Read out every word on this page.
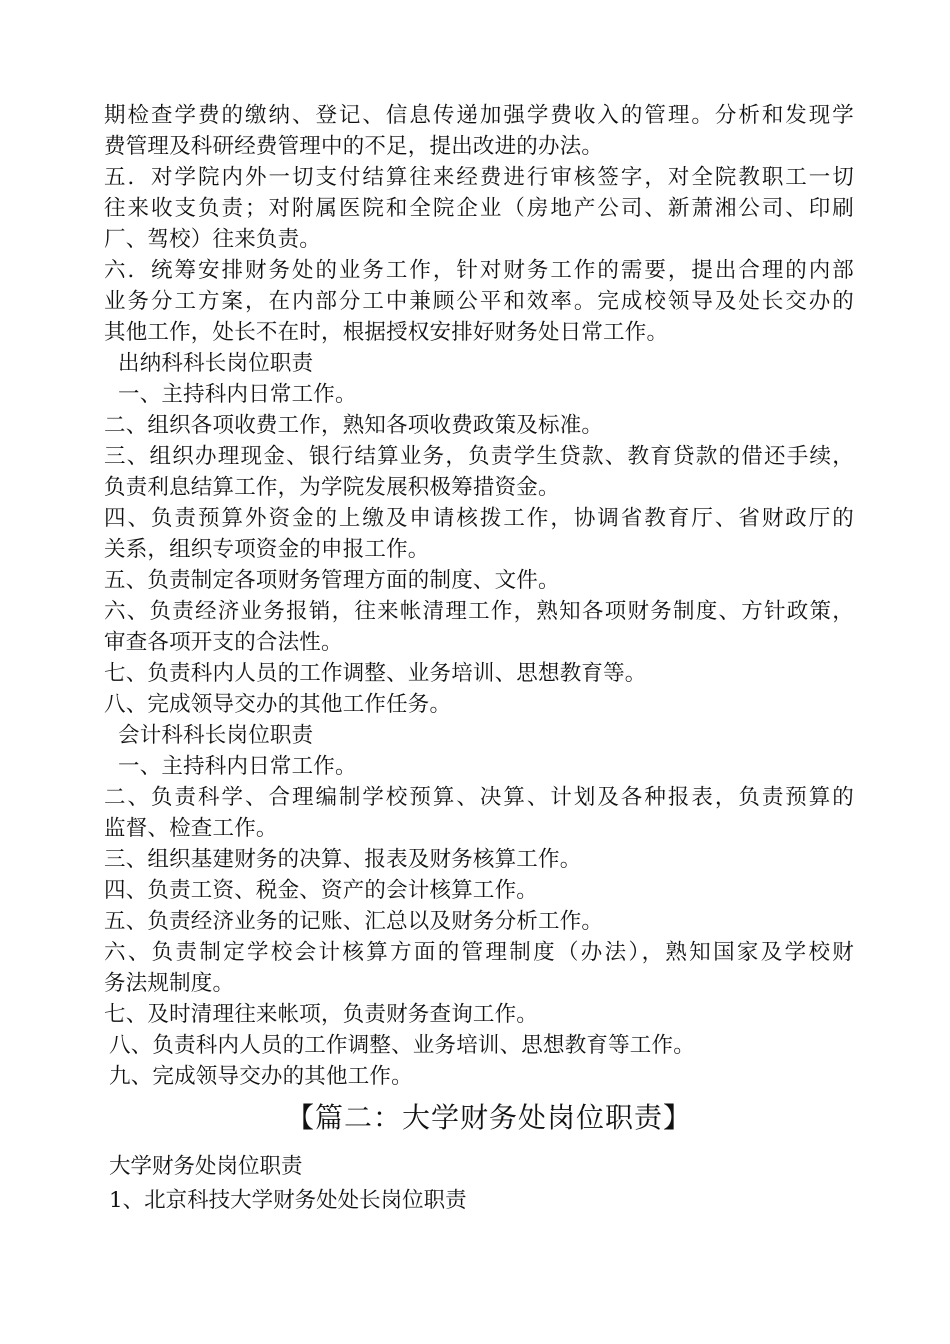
期检查学费的缴纳、登记、信息传递加强学费收入的管理。分析和发现学
费管理及科研经费管理中的不足，提出改进的办法。
五．对学院内外一切支付结算往来经费进行审核签字，对全院教职工一切
往来收支负责；对附属医院和全院企业（房地产公司、新萧湘公司、印刷
厂、驾校）往来负责。
六．统筹安排财务处的业务工作，针对财务工作的需要，提出合理的内部
业务分工方案，在内部分工中兼顾公平和效率。完成校领导及处长交办的
其他工作，处长不在时，根据授权安排好财务处日常工作。
出纳科科长岗位职责
一、主持科内日常工作。
二、组织各项收费工作，熟知各项收费政策及标准。
三、组织办理现金、银行结算业务，负责学生贷款、教育贷款的借还手续，
负责利息结算工作，为学院发展积极筹措资金。
四、负责预算外资金的上缴及申请核拨工作，协调省教育厅、省财政厅的
关系，组织专项资金的申报工作。
五、负责制定各项财务管理方面的制度、文件。
六、负责经济业务报销，往来帐清理工作，熟知各项财务制度、方针政策，
审查各项开支的合法性。
七、负责科内人员的工作调整、业务培训、思想教育等。
八、完成领导交办的其他工作任务。
会计科科长岗位职责
一、主持科内日常工作。
二、负责科学、合理编制学校预算、决算、计划及各种报表，负责预算的
监督、检查工作。
三、组织基建财务的决算、报表及财务核算工作。
四、负责工资、税金、资产的会计核算工作。
五、负责经济业务的记账、汇总以及财务分析工作。
六、负责制定学校会计核算方面的管理制度（办法），熟知国家及学校财
务法规制度。
七、及时清理往来帐项，负责财务查询工作。
八、负责科内人员的工作调整、业务培训、思想教育等工作。
九、完成领导交办的其他工作。
【篇二：大学财务处岗位职责】
大学财务处岗位职责
1、北京科技大学财务处处长岗位职责
